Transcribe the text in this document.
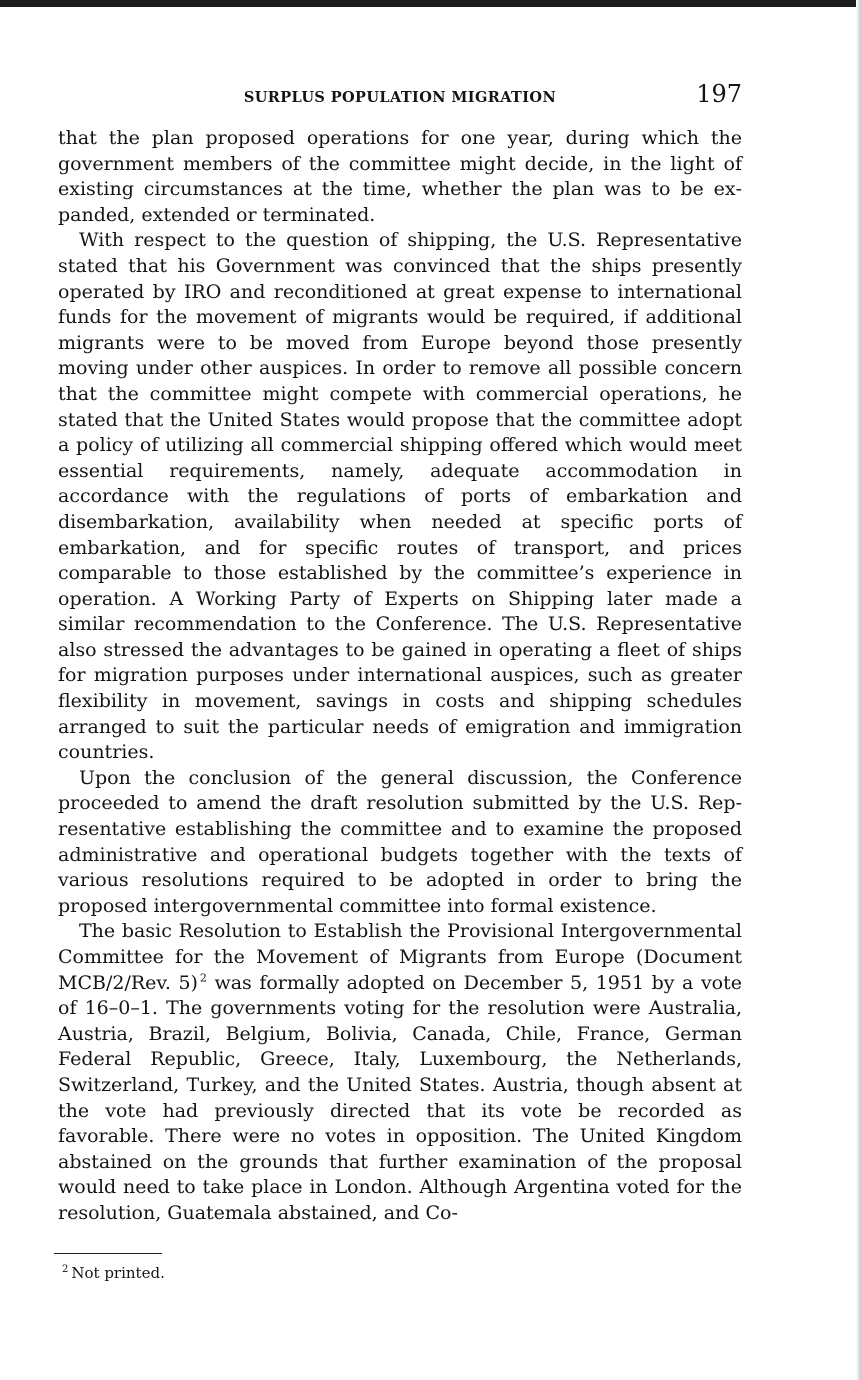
SURPLUS POPULATION MIGRATION	197

that the plan proposed operations for one year, during which the government members of the committee might decide, in the light of existing circumstances at the time, whether the plan was to be expanded, extended or terminated.

With respect to the question of shipping, the U.S. Representative stated that his Government was convinced that the ships presently operated by IRO and reconditioned at great expense to international funds for the movement of migrants would be required, if additional migrants were to be moved from Europe beyond those presently moving under other auspices. In order to remove all possible concern that the committee might compete with commercial operations, he stated that the United States would propose that the committee adopt a policy of utilizing all commercial shipping offered which would meet essential requirements, namely, adequate accommodation in accordance with the regulations of ports of embarkation and disembarkation, availability when needed at specific ports of embarkation, and for specific routes of transport, and prices comparable to those established by the committee’s experience in operation. A Working Party of Experts on Shipping later made a similar recommendation to the Conference. The U.S. Representative also stressed the advantages to be gained in operating a fleet of ships for migration purposes under international auspices, such as greater flexibility in movement, savings in costs and shipping schedules arranged to suit the particular needs of emigration and immigration countries.

Upon the conclusion of the general discussion, the Conference proceeded to amend the draft resolution submitted by the U.S. Representative establishing the committee and to examine the proposed administrative and operational budgets together with the texts of various resolutions required to be adopted in order to bring the proposed intergovernmental committee into formal existence.

The basic Resolution to Establish the Provisional Intergovernmental Committee for the Movement of Migrants from Europe (Document MCB/2/Rev. 5)  $^2$ was formally adopted on December 5, 1951 by a vote of 16–0–1. The governments voting for the resolution were Australia, Austria, Brazil, Belgium, Bolivia, Canada, Chile, France, German Federal Republic, Greece, Italy, Luxembourg, the Netherlands, Switzerland, Turkey, and the United States. Austria, though absent at the vote had previously directed that its vote be recorded as favorable. There were no votes in opposition. The United Kingdom abstained on the grounds that further examination of the proposal would need to take place in London. Although Argentina voted for the resolution, Guatemala abstained, and Co-

$^2$ Not printed.
